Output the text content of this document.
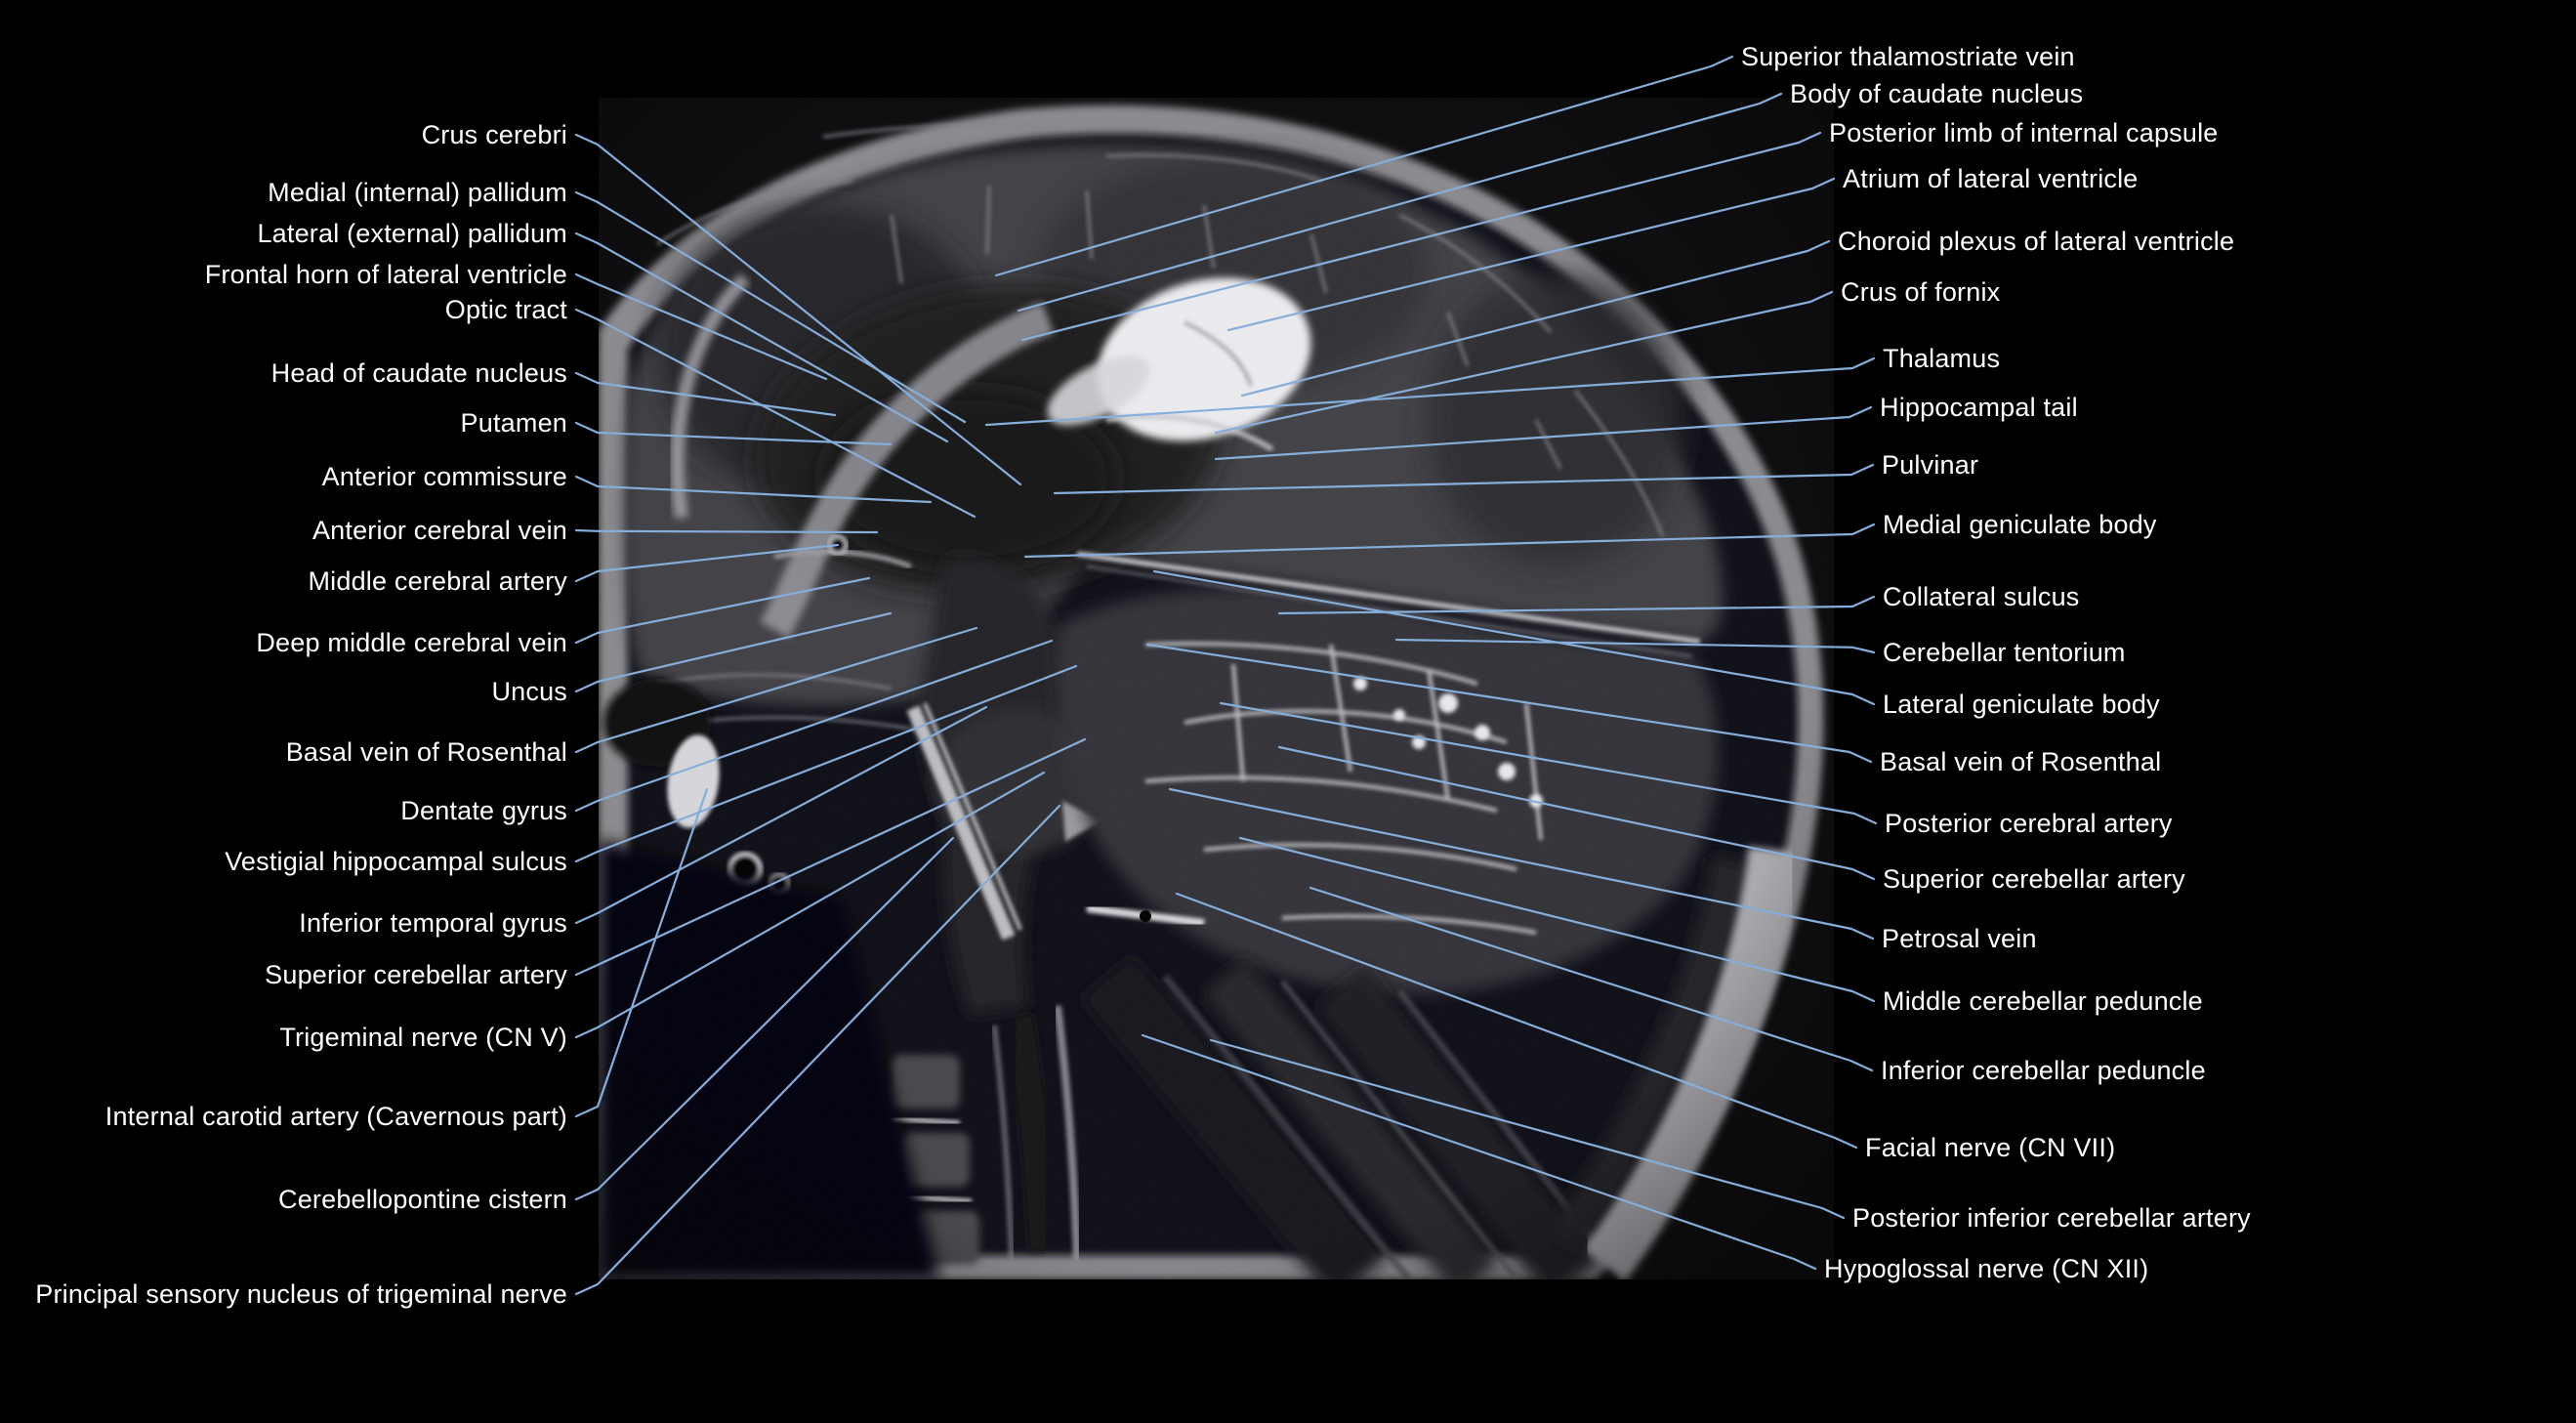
Crus cerebri
Medial (internal) pallidum
Lateral (external) pallidum
Frontal horn of lateral ventricle
Optic tract
Head of caudate nucleus
Putamen
Anterior commissure
Anterior cerebral vein
Middle cerebral artery
Deep middle cerebral vein
Uncus
Basal vein of Rosenthal
Dentate gyrus
Vestigial hippocampal sulcus
Inferior temporal gyrus
Superior cerebellar artery
Trigeminal nerve (CN V)
Internal carotid artery (Cavernous part)
Cerebellopontine cistern
Principal sensory nucleus of trigeminal nerve
Superior thalamostriate vein
Body of caudate nucleus
Posterior limb of internal capsule
Atrium of lateral ventricle
Choroid plexus of lateral ventricle
Crus of fornix
Thalamus
Hippocampal tail
Pulvinar
Medial geniculate body
Collateral sulcus
Cerebellar tentorium
Lateral geniculate body
Basal vein of Rosenthal
Posterior cerebral artery
Superior cerebellar artery
Petrosal vein
Middle cerebellar peduncle
Inferior cerebellar peduncle
Facial nerve (CN VII)
Posterior inferior cerebellar artery
Hypoglossal nerve (CN XII)
